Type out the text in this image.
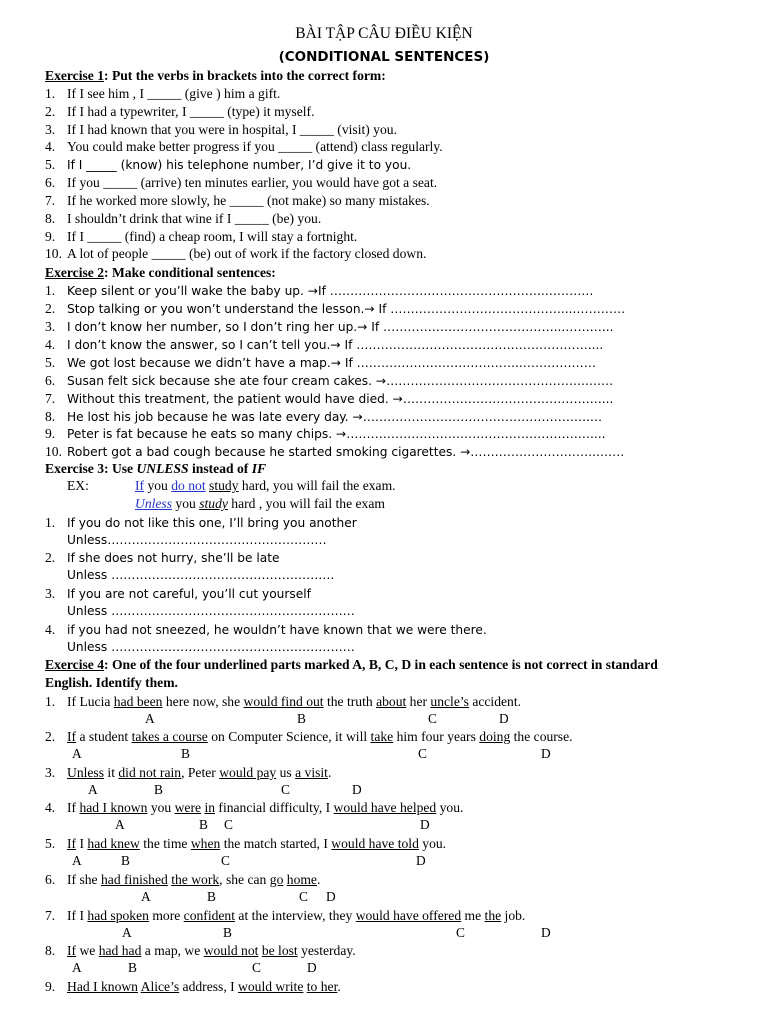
BÀI TẬP CÂU ĐIỀU KIỆN
(CONDITIONAL SENTENCES)
Exercise 1: Put the verbs in brackets into the correct form:
Exercise 2: Make conditional sentences:
Exercise 3: Use UNLESS instead of IF
EX:	If you do not study hard, you will fail the exam.
Unless you study hard , you will fail the exam
Exercise 4: One of the four underlined parts marked A, B, C, D in each sentence is not correct in standard
English. Identify them.
1. If I see him , I _____ (give ) him a gift.
2. If I had a typewriter, I _____ (type) it myself.
3. If I had known that you were in hospital, I _____ (visit) you.
4. You could make better progress if you _____ (attend) class regularly.
5. If I _____ (know) his telephone number, I’d give it to you.
6. If you _____ (arrive) ten minutes earlier, you would have got a seat.
7. If he worked more slowly, he _____ (not make) so many mistakes.
8. I shouldn’t drink that wine if I _____ (be) you.
9. If I _____ (find) a cheap room, I will stay a fortnight.
10. A lot of people _____ (be) out of work if the factory closed down.
1. Keep silent or you’ll wake the baby up. →If ……………………………………………..…………
2. Stop talking or you won’t understand the lesson.→ If ……………………………………....…………
3. I don’t know her number, so I don’t ring her up.→ If ……………………………………...………...
4. I don’t know the answer, so I can’t tell you.→ If …………………………………………………....
5. We got lost because we didn’t have a map.→ If …………………………………..………………
6. Susan felt sick because she ate four cream cakes. →…………………………………………..……
7. Without this treatment, the patient would have died. →…………………………………………....
8. He lost his job because he was late every day. →………………………………………………..…
9. Peter is fat because he eats so many chips. →……………………………………………………....
10. Robert got a bad cough because he started smoking cigarettes. →…………………………..……
1. If you do not like this one, I’ll bring you another
Unless………………………………………………
2. If she does not hurry, she’ll be late
Unless ……………………………………………….
3. If you are not careful, you’ll cut yourself
Unless ……………………………………………………
4. if you had not sneezed, he wouldn’t have known that we were there.
Unless ……………………………………………………
1. If Lucia had been here now, she would find out the truth about her uncle’s accident.
A	B	C	D
2. If a student takes a course on Computer Science, it will take him four years doing the course.
A	B	C	D
3. Unless it did not rain, Peter would pay us a visit.
A	B	C	D
4. If had I known you were in financial difficulty, I would have helped you.
A	B C	D
5. If I had knew the time when the match started, I would have told you.
A	B	C	D
6. If she had finished the work, she can go home.
A	B	C D
7. If I had spoken more confident at the interview, they would have offered me the job.
A	B	C	D
8. If we had had a map, we would not be lost yesterday.
A	B	C	D
9. Had I known Alice’s address, I would write to her.
